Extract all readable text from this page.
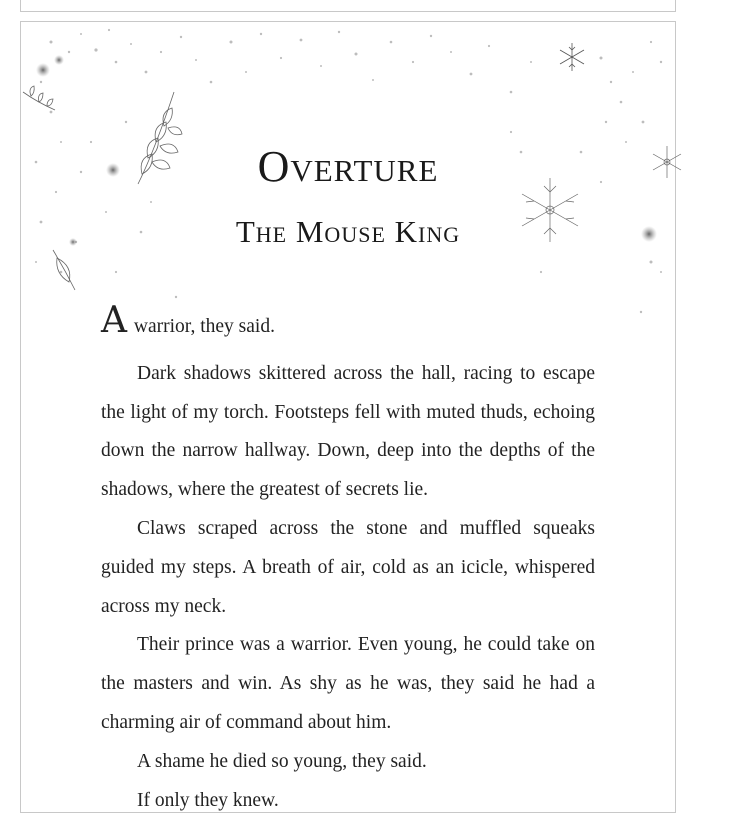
Overture
The Mouse King

A warrior, they said.

Dark shadows skittered across the hall, racing to escape the light of my torch. Footsteps fell with muted thuds, echoing down the narrow hallway. Down, deep into the depths of the shadows, where the greatest of secrets lie.

Claws scraped across the stone and muffled squeaks guided my steps. A breath of air, cold as an icicle, whispered across my neck.

Their prince was a warrior. Even young, he could take on the masters and win. As shy as he was, they said he had a charming air of command about him.

A shame he died so young, they said.

If only they knew.
